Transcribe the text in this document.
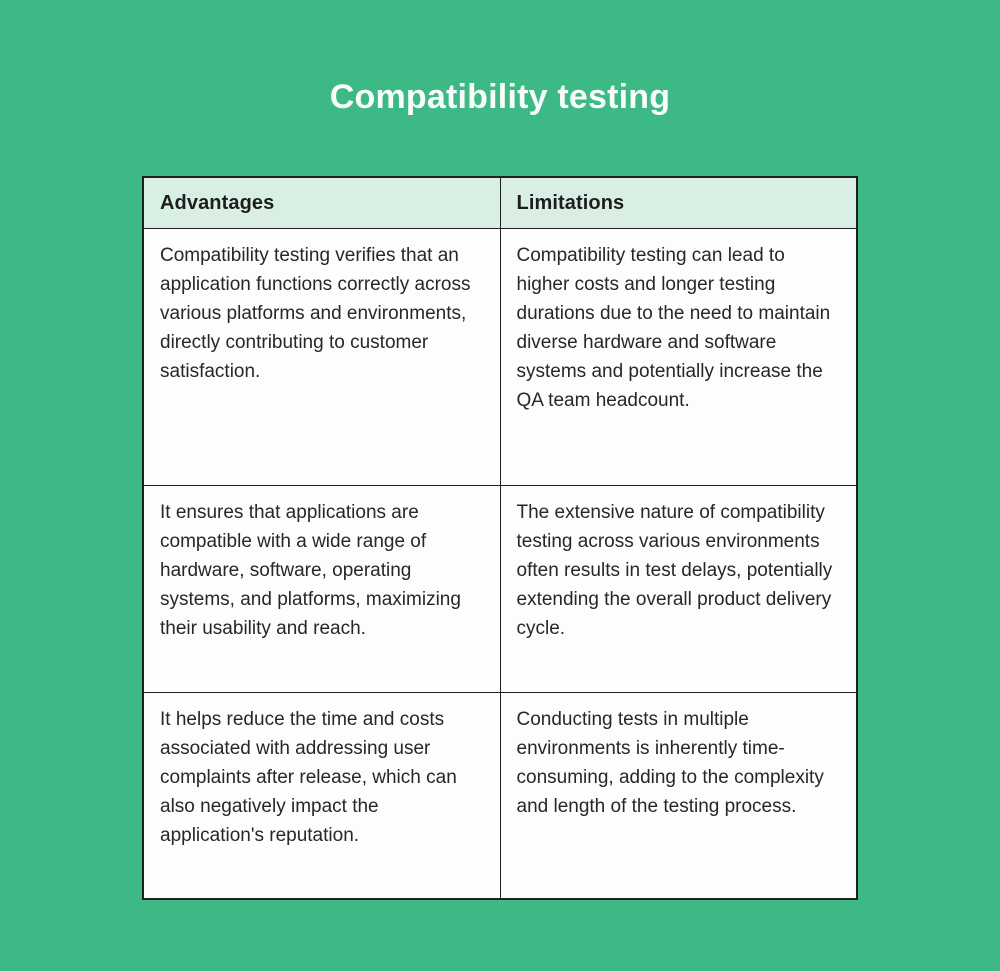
Compatibility testing
Advantages	Limitations
Compatibility testing verifies that an application functions correctly across various platforms and environments, directly contributing to customer satisfaction.	Compatibility testing can lead to higher costs and longer testing durations due to the need to maintain diverse hardware and software systems and potentially increase the QA team headcount.
It ensures that applications are compatible with a wide range of hardware, software, operating systems, and platforms, maximizing their usability and reach.	The extensive nature of compatibility testing across various environments often results in test delays, potentially extending the overall product delivery cycle.
It helps reduce the time and costs associated with addressing user complaints after release, which can also negatively impact the application's reputation.	Conducting tests in multiple environments is inherently time-consuming, adding to the complexity and length of the testing process.
